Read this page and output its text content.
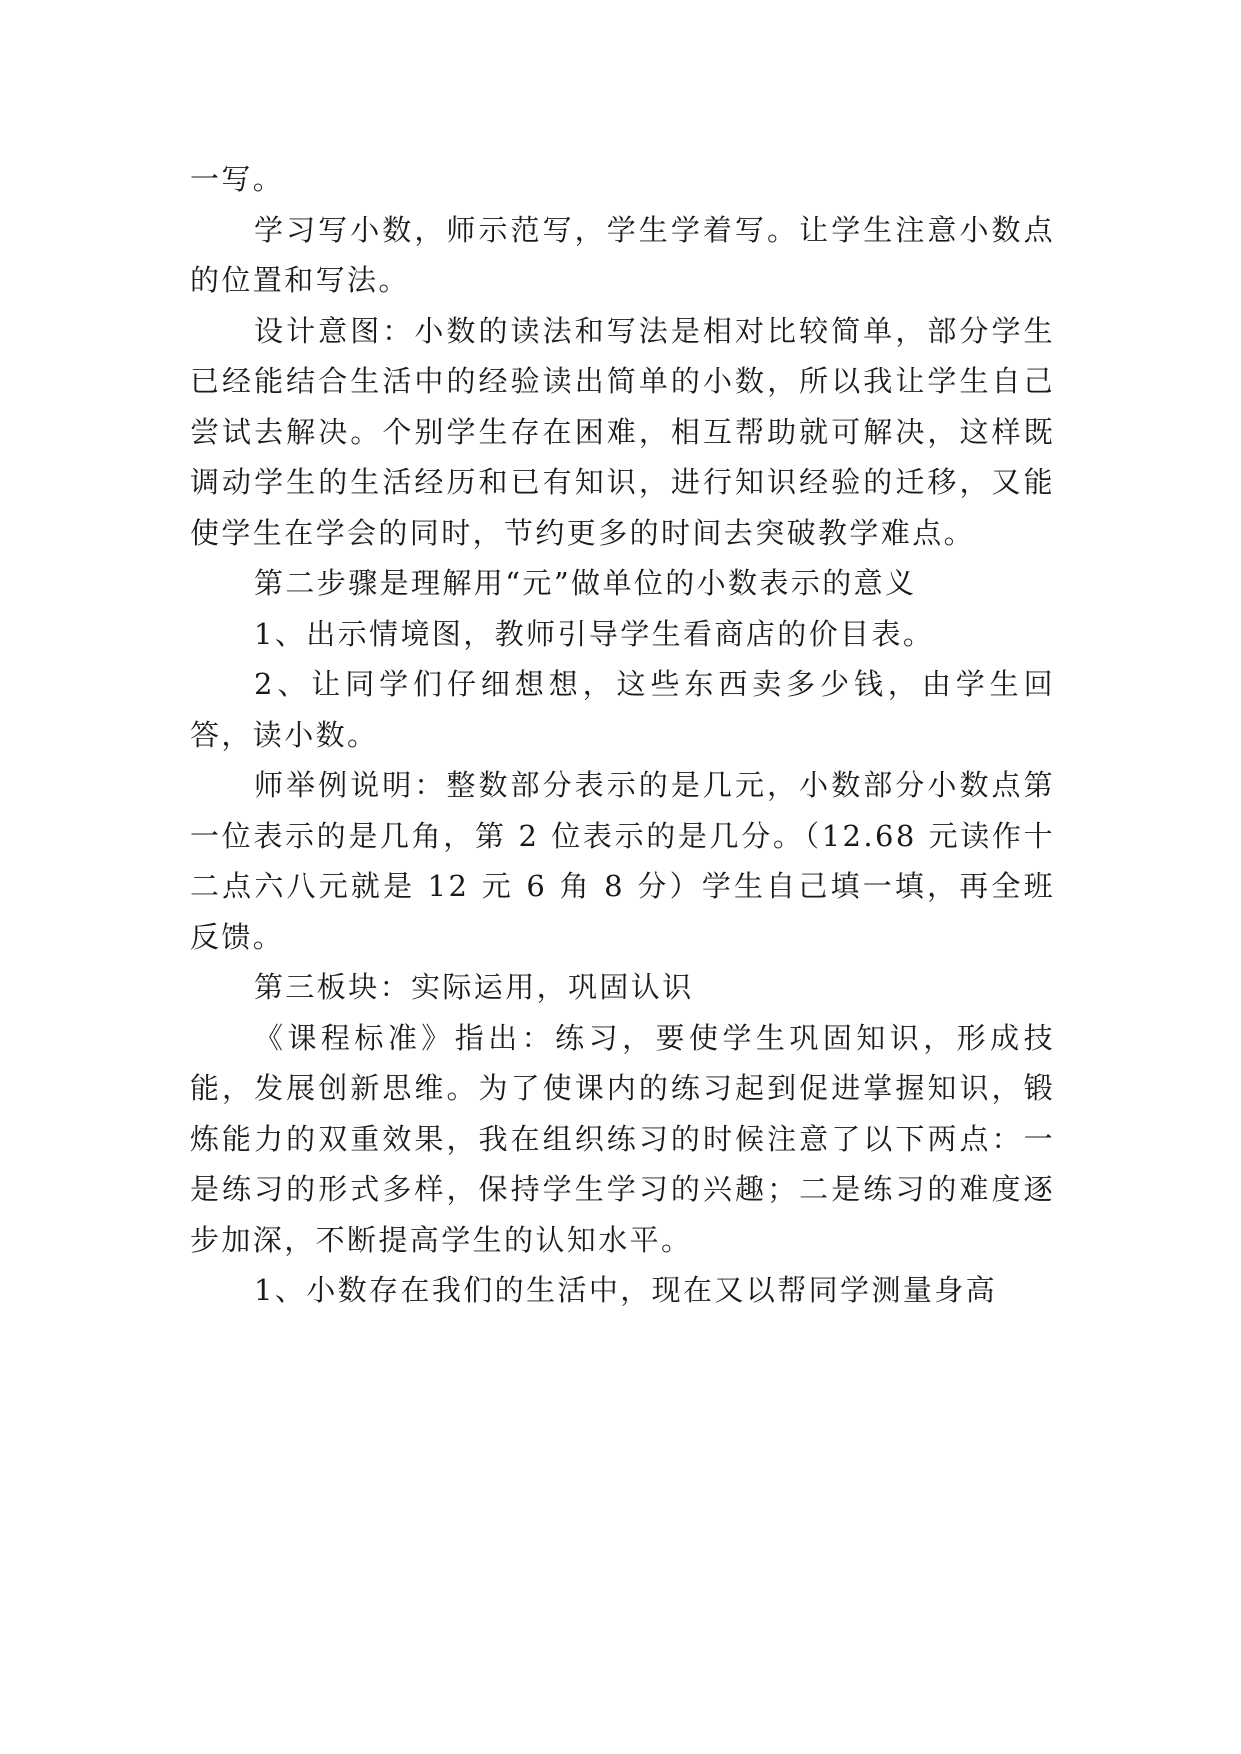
一写。

学习写小数，师示范写，学生学着写。让学生注意小数点的位置和写法。

设计意图：小数的读法和写法是相对比较简单，部分学生已经能结合生活中的经验读出简单的小数，所以我让学生自己尝试去解决。个别学生存在困难，相互帮助就可解决，这样既调动学生的生活经历和已有知识，进行知识经验的迁移，又能使学生在学会的同时，节约更多的时间去突破教学难点。

第二步骤是理解用“元”做单位的小数表示的意义

1、出示情境图，教师引导学生看商店的价目表。

2、让同学们仔细想想，这些东西卖多少钱，由学生回答，读小数。

师举例说明：整数部分表示的是几元，小数部分小数点第一位表示的是几角，第 2 位表示的是几分。（12.68 元读作十二点六八元就是 12 元 6 角 8 分）学生自己填一填，再全班反馈。

第三板块：实际运用，巩固认识

《课程标准》指出：练习，要使学生巩固知识，形成技能，发展创新思维。为了使课内的练习起到促进掌握知识，锻炼能力的双重效果，我在组织练习的时候注意了以下两点：一是练习的形式多样，保持学生学习的兴趣；二是练习的难度逐步加深，不断提高学生的认知水平。

1、小数存在我们的生活中，现在又以帮同学测量身高
